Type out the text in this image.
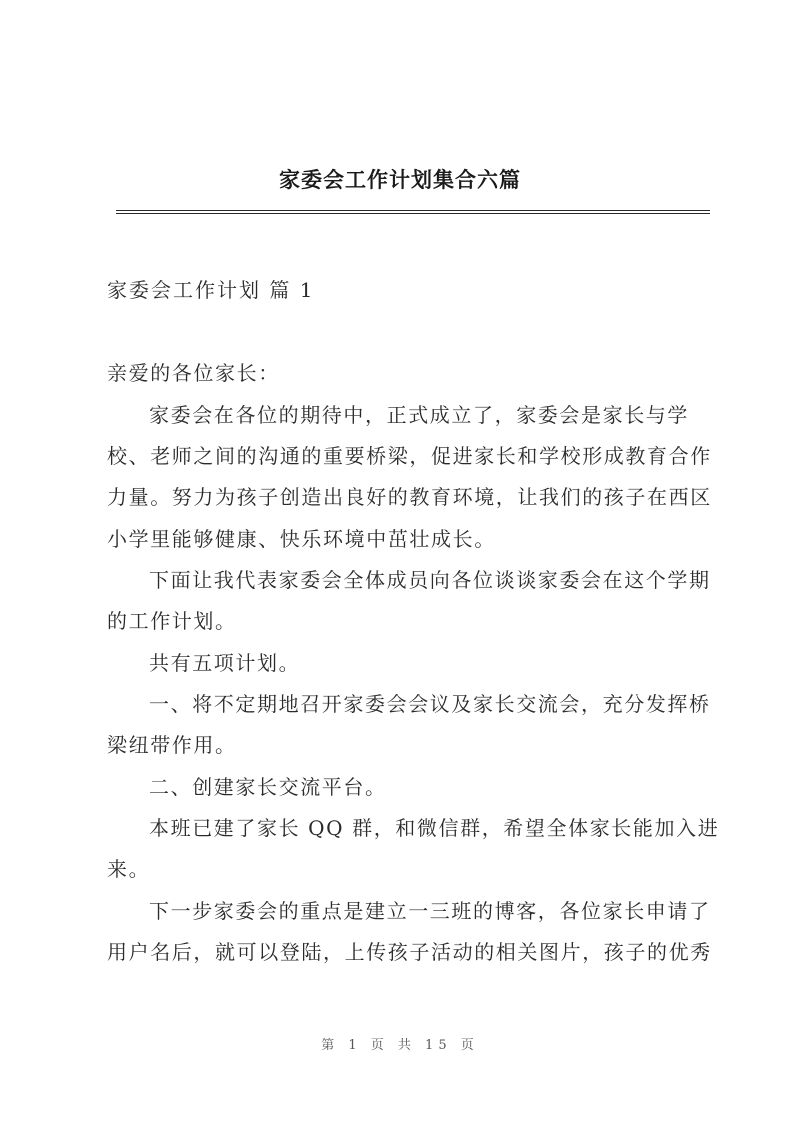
家委会工作计划集合六篇
家委会工作计划 篇 1

亲爱的各位家长：

家委会在各位的期待中，正式成立了，家委会是家长与学

校、老师之间的沟通的重要桥梁，促进家长和学校形成教育合作

力量。努力为孩子创造出良好的教育环境，让我们的孩子在西区

小学里能够健康、快乐环境中茁壮成长。

下面让我代表家委会全体成员向各位谈谈家委会在这个学期

的工作计划。

共有五项计划。

一、将不定期地召开家委会会议及家长交流会，充分发挥桥

梁纽带作用。

二、创建家长交流平台。

本班已建了家长 QQ 群，和微信群，希望全体家长能加入进

来。

下一步家委会的重点是建立一三班的博客，各位家长申请了

用户名后，就可以登陆，上传孩子活动的相关图片，孩子的优秀

第 1 页 共 15 页
